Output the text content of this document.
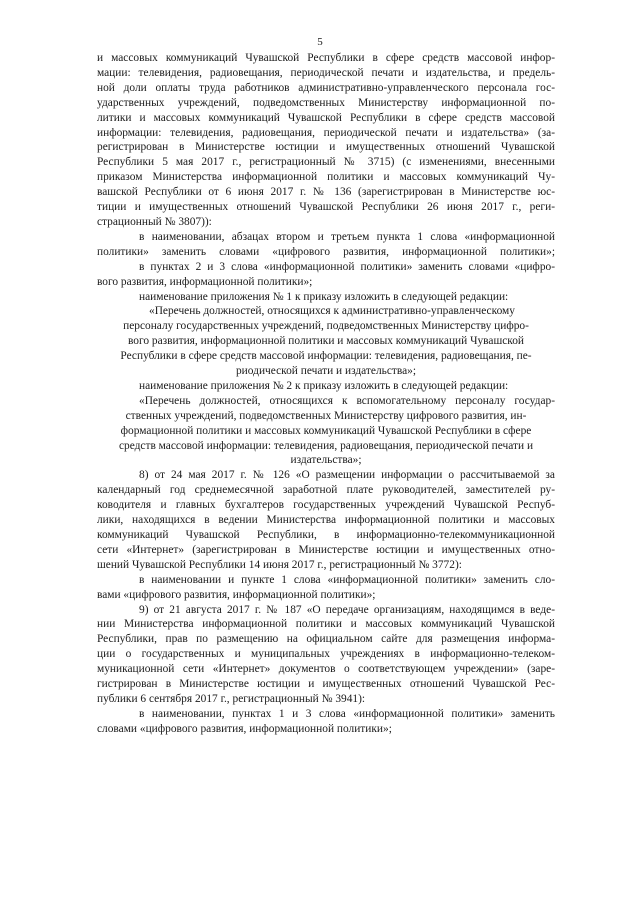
5
и массовых коммуникаций Чувашской Республики в сфере средств массовой инфор-
мации: телевидения, радиовещания, периодической печати и издательства, и предель-
ной доли оплаты труда работников административно-управленческого персонала гос-
ударственных учреждений, подведомственных Министерству информационной по-
литики и массовых коммуникаций Чувашской Республики в сфере средств массовой
информации: телевидения, радиовещания, периодической печати и издательства» (за-
регистрирован в Министерстве юстиции и имущественных отношений Чувашской
Республики 5 мая 2017 г., регистрационный № 3715) (с изменениями, внесенными
приказом Министерства информационной политики и массовых коммуникаций Чу-
вашской Республики от 6 июня 2017 г. № 136 (зарегистрирован в Министерстве юс-
тиции и имущественных отношений Чувашской Республики 26 июня 2017 г., реги-
страционный № 3807)):
в наименовании, абзацах втором и третьем пункта 1 слова «информационной
политики» заменить словами «цифрового развития, информационной политики»;
в пунктах 2 и 3 слова «информационной политики» заменить словами «цифро-
вого развития, информационной политики»;
наименование приложения № 1 к приказу изложить в следующей редакции:
«Перечень должностей, относящихся к административно-управленческому
персоналу государственных учреждений, подведомственных Министерству цифро-
вого развития, информационной политики и массовых коммуникаций Чувашской
Республики в сфере средств массовой информации: телевидения, радиовещания, пе-
риодической печати и издательства»;
наименование приложения № 2 к приказу изложить в следующей редакции:
«Перечень должностей, относящихся к вспомогательному персоналу государ-
ственных учреждений, подведомственных Министерству цифрового развития, ин-
формационной политики и массовых коммуникаций Чувашской Республики в сфере
средств массовой информации: телевидения, радиовещания, периодической печати и
издательства»;
8) от 24 мая 2017 г. № 126 «О размещении информации о рассчитываемой за
календарный год среднемесячной заработной плате руководителей, заместителей ру-
ководителя и главных бухгалтеров государственных учреждений Чувашской Респуб-
лики, находящихся в ведении Министерства информационной политики и массовых
коммуникаций Чувашской Республики, в информационно-телекоммуникационной
сети «Интернет» (зарегистрирован в Министерстве юстиции и имущественных отно-
шений Чувашской Республики 14 июня 2017 г., регистрационный № 3772):
в наименовании и пункте 1 слова «информационной политики» заменить сло-
вами «цифрового развития, информационной политики»;
9) от 21 августа 2017 г. № 187 «О передаче организациям, находящимся в веде-
нии Министерства информационной политики и массовых коммуникаций Чувашской
Республики, прав по размещению на официальном сайте для размещения информа-
ции о государственных и муниципальных учреждениях в информационно-телеком-
муникационной сети «Интернет» документов о соответствующем учреждении» (заре-
гистрирован в Министерстве юстиции и имущественных отношений Чувашской Рес-
публики 6 сентября 2017 г., регистрационный № 3941):
в наименовании, пунктах 1 и 3 слова «информационной политики» заменить
словами «цифрового развития, информационной политики»;
